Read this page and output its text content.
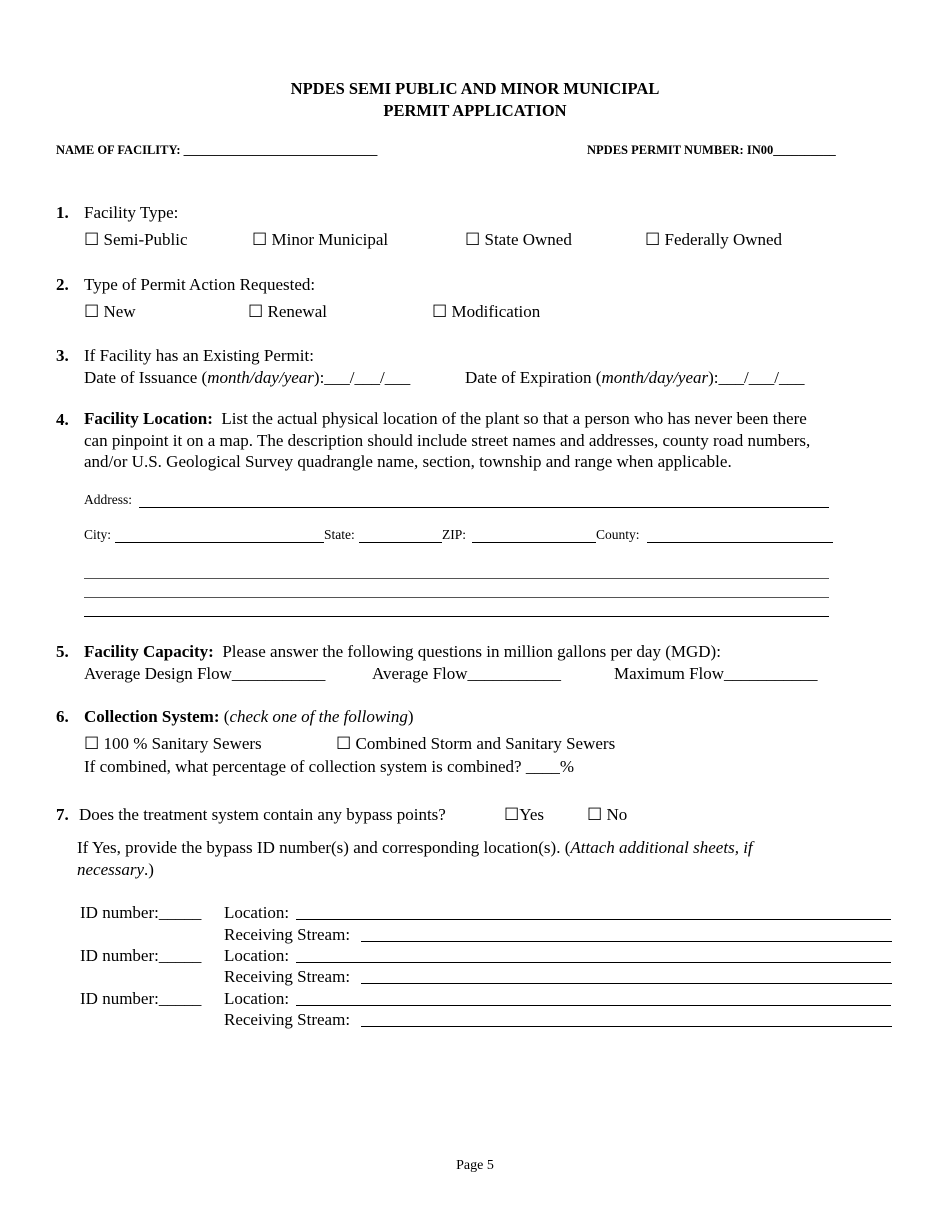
NPDES SEMI PUBLIC AND MINOR MUNICIPAL
PERMIT APPLICATION
NAME OF FACILITY: _______________________________	NPDES PERMIT NUMBER: IN00__________
1. Facility Type:
☐ Semi-Public	☐ Minor Municipal	☐ State Owned	☐ Federally Owned
2. Type of Permit Action Requested:
☐ New	☐ Renewal	☐ Modification
3. If Facility has an Existing Permit:
Date of Issuance (month/day/year):___/___/___	Date of Expiration (month/day/year):___/___/___
4. Facility Location: List the actual physical location of the plant so that a person who has never been there
can pinpoint it on a map. The description should include street names and addresses, county road numbers,
and/or U.S. Geological Survey quadrangle name, section, township and range when applicable.
Address:
City:	State:	ZIP:	County:
5. Facility Capacity: Please answer the following questions in million gallons per day (MGD):
Average Design Flow___________	Average Flow___________	Maximum Flow___________
6. Collection System: (check one of the following)
☐ 100 % Sanitary Sewers	☐ Combined Storm and Sanitary Sewers
If combined, what percentage of collection system is combined? ____%
7. Does the treatment system contain any bypass points?	☐Yes	☐ No
If Yes, provide the bypass ID number(s) and corresponding location(s). (Attach additional sheets, if
necessary.)
ID number:_____ Location:
Receiving Stream:
ID number:_____ Location:
Receiving Stream:
ID number:_____ Location:
Receiving Stream:
Page 5
